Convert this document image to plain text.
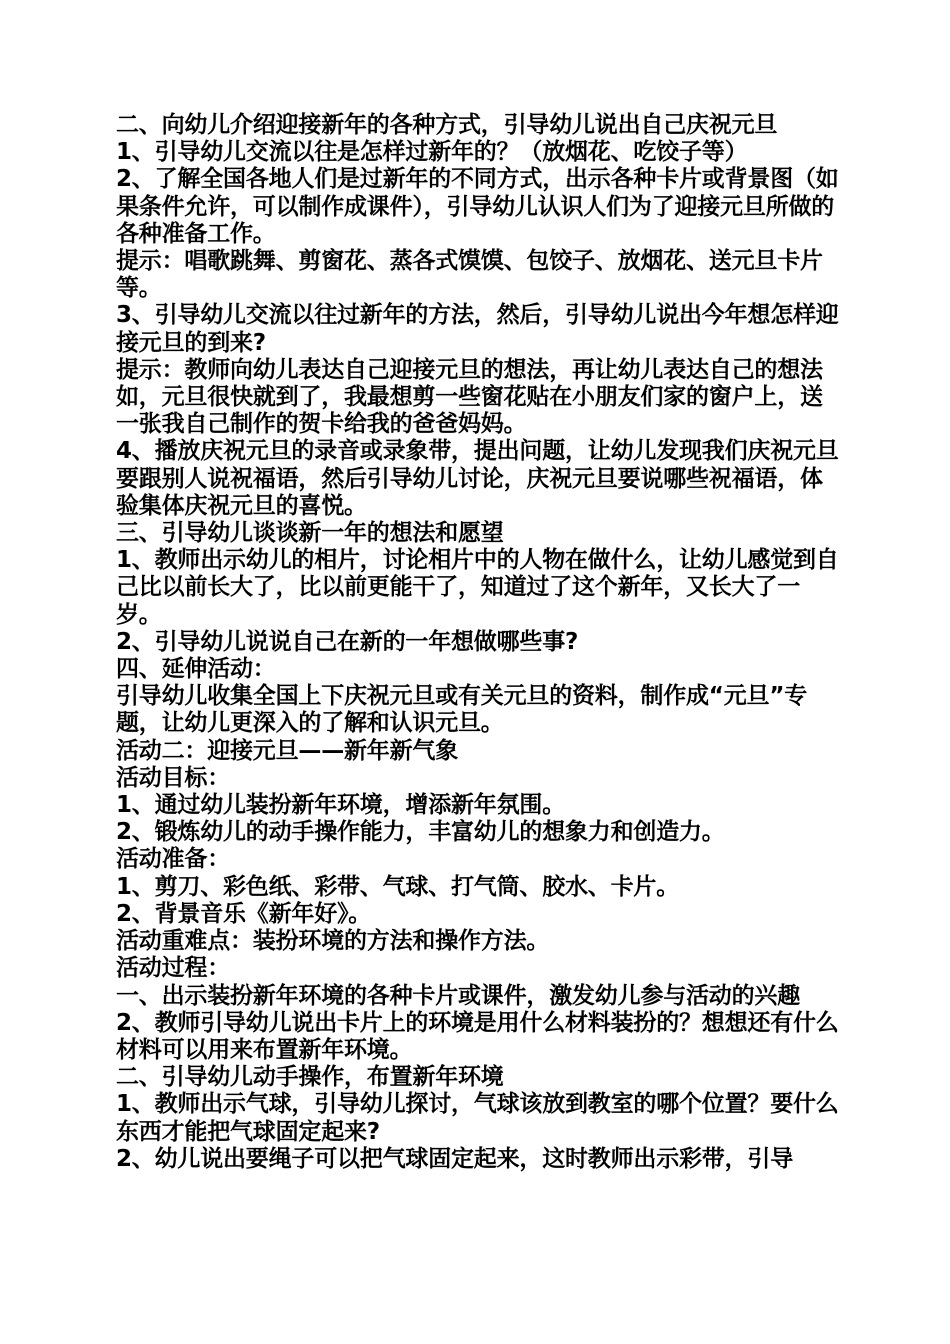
二、向幼儿介绍迎接新年的各种方式，引导幼儿说出自己庆祝元旦

1、引导幼儿交流以往是怎样过新年的？（放烟花、吃饺子等）

2、了解全国各地人们是过新年的不同方式，出示各种卡片或背景图（如果条件允许，可以制作成课件），引导幼儿认识人们为了迎接元旦所做的各种准备工作。

提示：唱歌跳舞、剪窗花、蒸各式馍馍、包饺子、放烟花、送元旦卡片等。

3、引导幼儿交流以往过新年的方法，然后，引导幼儿说出今年想怎样迎接元旦的到来?

提示：教师向幼儿表达自己迎接元旦的想法，再让幼儿表达自己的想法如，元旦很快就到了，我最想剪一些窗花贴在小朋友们家的窗户上，送一张我自己制作的贺卡给我的爸爸妈妈。

4、播放庆祝元旦的录音或录象带，提出问题，让幼儿发现我们庆祝元旦要跟别人说祝福语，然后引导幼儿讨论，庆祝元旦要说哪些祝福语，体验集体庆祝元旦的喜悦。

三、引导幼儿谈谈新一年的想法和愿望

1、教师出示幼儿的相片，讨论相片中的人物在做什么，让幼儿感觉到自己比以前长大了，比以前更能干了，知道过了这个新年，又长大了一岁。

2、引导幼儿说说自己在新的一年想做哪些事?

四、延伸活动：

引导幼儿收集全国上下庆祝元旦或有关元旦的资料，制作成“元旦”专题，让幼儿更深入的了解和认识元旦。

活动二：迎接元旦——新年新气象

活动目标：

1、通过幼儿装扮新年环境，增添新年氛围。

2、锻炼幼儿的动手操作能力，丰富幼儿的想象力和创造力。

活动准备：

1、剪刀、彩色纸、彩带、气球、打气筒、胶水、卡片。

2、背景音乐《新年好》。

活动重难点：装扮环境的方法和操作方法。

活动过程：

一、出示装扮新年环境的各种卡片或课件，激发幼儿参与活动的兴趣

2、教师引导幼儿说出卡片上的环境是用什么材料装扮的？想想还有什么材料可以用来布置新年环境。

二、引导幼儿动手操作，布置新年环境

1、教师出示气球，引导幼儿探讨，气球该放到教室的哪个位置？要什么东西才能把气球固定起来?

2、幼儿说出要绳子可以把气球固定起来，这时教师出示彩带，引导
